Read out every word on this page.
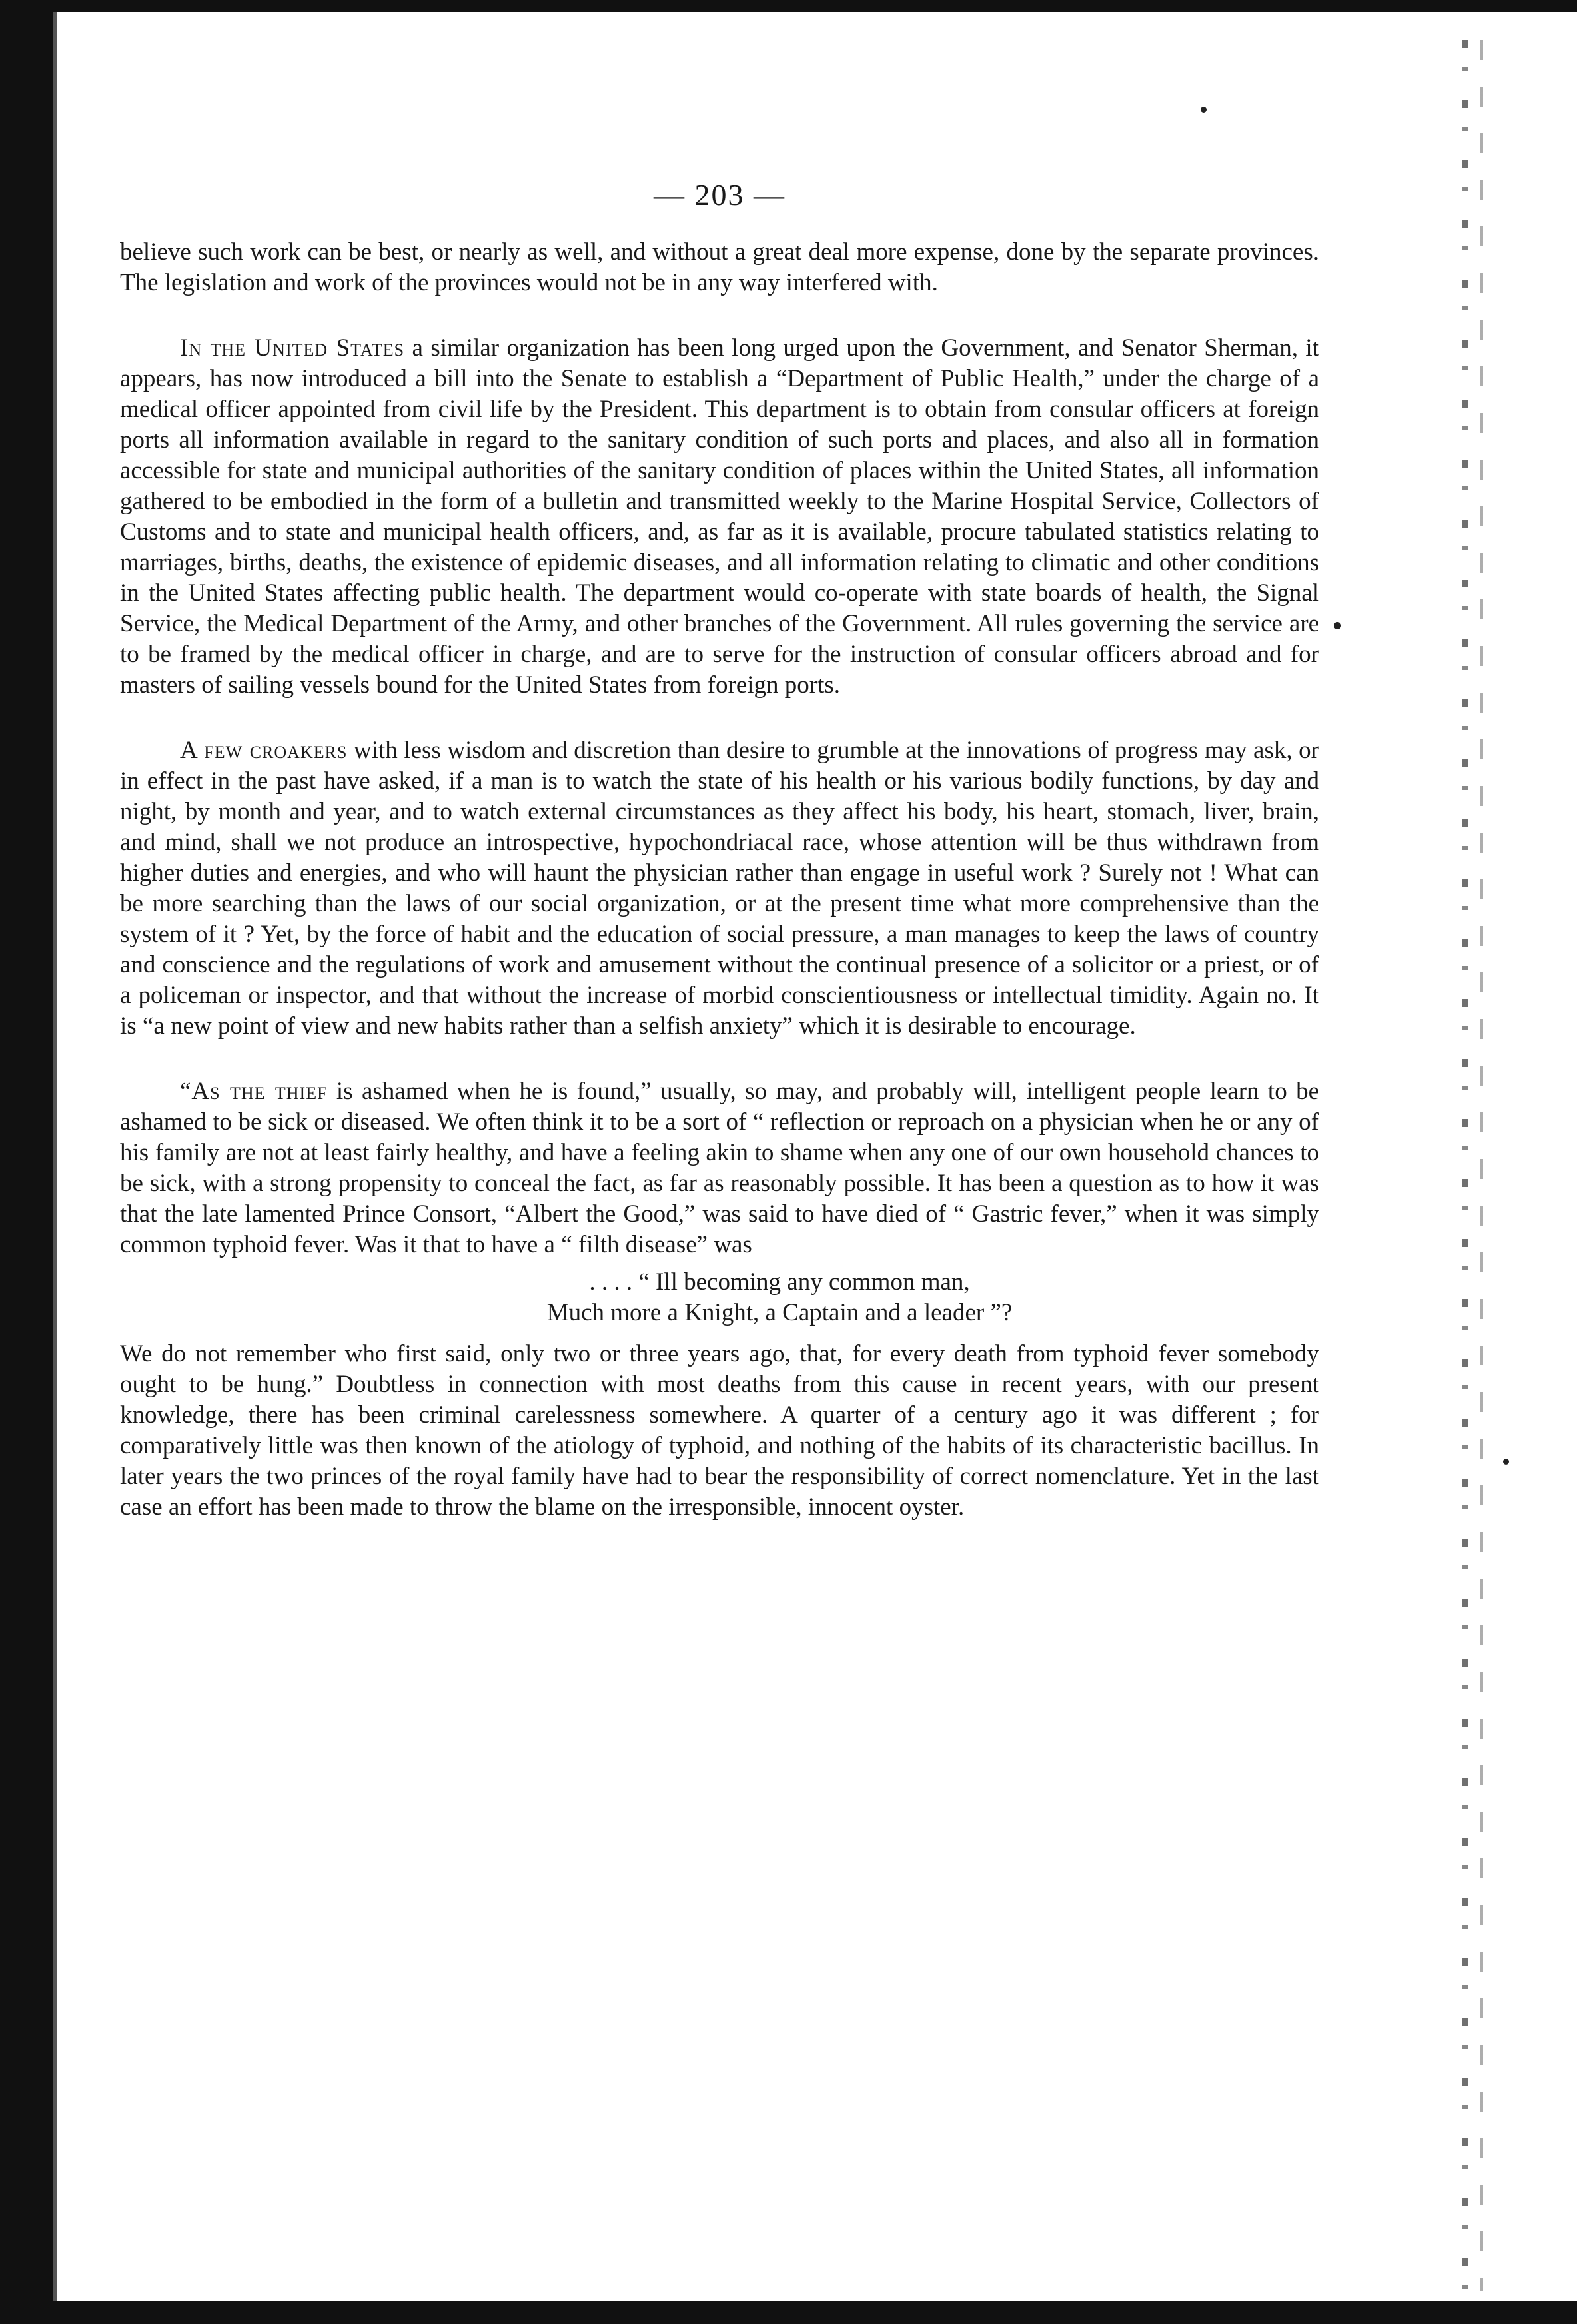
— 203 —

believe such work can be best, or nearly as well, and without a great deal more expense, done by the separate provinces. The legislation and work of the provinces would not be in any way interfered with.

In the United States a similar organization has been long urged upon the Government, and Senator Sherman, it appears, has now introduced a bill into the Senate to establish a “Department of Public Health,” under the charge of a medical officer appointed from civil life by the President. This department is to obtain from consular officers at foreign ports all information available in regard to the sanitary condition of such ports and places, and also all in formation accessible for state and municipal authorities of the sanitary condition of places within the United States, all information gathered to be embodied in the form of a bulletin and transmitted weekly to the Marine Hospital Service, Collectors of Customs and to state and municipal health officers, and, as far as it is available, procure tabulated statistics relating to marriages, births, deaths, the existence of epidemic diseases, and all information relating to climatic and other conditions in the United States affecting public health. The department would co-operate with state boards of health, the Signal Service, the Medical Department of the Army, and other branches of the Government. All rules governing the service are to be framed by the medical officer in charge, and are to serve for the instruction of consular officers abroad and for masters of sailing vessels bound for the United States from foreign ports.

A few croakers with less wisdom and discretion than desire to grumble at the innovations of progress may ask, or in effect in the past have asked, if a man is to watch the state of his health or his various bodily functions, by day and night, by month and year, and to watch external circumstances as they affect his body, his heart, stomach, liver, brain, and mind, shall we not produce an introspective, hypochondriacal race, whose attention will be thus withdrawn from higher duties and energies, and who will haunt the physician rather than engage in useful work ? Surely not ! What can be more searching than the laws of our social organization, or at the present time what more comprehensive than the system of it ? Yet, by the force of habit and the education of social pressure, a man manages to keep the laws of country and conscience and the regulations of work and amusement without the continual presence of a solicitor or a priest, or of a policeman or inspector, and that without the increase of morbid conscientiousness or intellectual timidity. Again no. It is “a new point of view and new habits rather than a selfish anxiety” which it is desirable to encourage.

“As the thief is ashamed when he is found,” usually, so may, and probably will, intelligent people learn to be ashamed to be sick or diseased. We often think it to be a sort of “ reflection or reproach on a physician when he or any of his family are not at least fairly healthy, and have a feeling akin to shame when any one of our own household chances to be sick, with a strong propensity to conceal the fact, as far as reasonably possible. It has been a question as to how it was that the late lamented Prince Consort, “Albert the Good,” was said to have died of “ Gastric fever,” when it was simply common typhoid fever. Was it that to have a “ filth disease” was

. . . . “ Ill becoming any common man,
Much more a Knight, a Captain and a leader ”?

We do not remember who first said, only two or three years ago, that, for every death from typhoid fever somebody ought to be hung.” Doubtless in connection with most deaths from this cause in recent years, with our present knowledge, there has been criminal carelessness somewhere. A quarter of a century ago it was different ; for comparatively little was then known of the atiology of typhoid, and nothing of the habits of its characteristic bacillus. In later years the two princes of the royal family have had to bear the responsibility of correct nomenclature. Yet in the last case an effort has been made to throw the blame on the irresponsible, innocent oyster.
